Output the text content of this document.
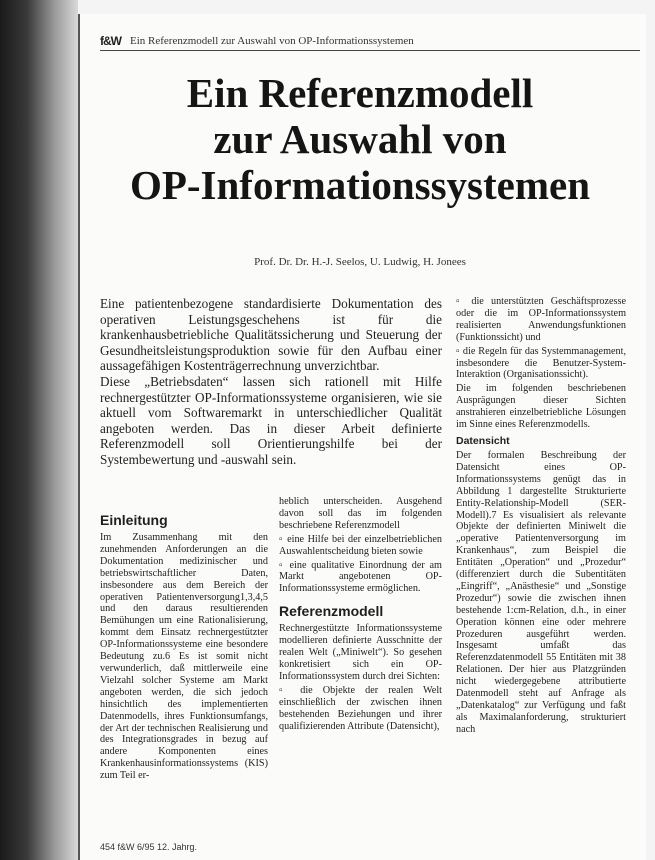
f&W Ein Referenzmodell zur Auswahl von OP-Informationssystemen
Ein Referenzmodell
zur Auswahl von
OP-Informationssystemen
Prof. Dr. Dr. H.-J. Seelos, U. Ludwig, H. Jonees

Eine patientenbezogene standardisierte Dokumentation des operativen Leistungsgeschehens ist für die krankenhausbetriebliche Qualitätssicherung und Steuerung der Gesundheitsleistungsproduktion sowie für den Aufbau einer aussagefähigen Kostenträgerrechnung unverzichtbar.

Diese „Betriebsdaten“ lassen sich rationell mit Hilfe rechnergestützter OP-Informationssysteme organisieren, wie sie aktuell vom Softwaremarkt in unterschiedlicher Qualität angeboten werden. Das in dieser Arbeit definierte Referenzmodell soll Orientierungshilfe bei der Systembewertung und -auswahl sein.

Einleitung

Im Zusammenhang mit den zunehmenden Anforderungen an die Dokumentation medizinischer und betriebswirtschaftlicher Daten, insbesondere aus dem Bereich der operativen Patientenversorgung1,3,4,5 und den daraus resultierenden Bemühungen um eine Rationalisierung, kommt dem Einsatz rechnergestützter OP-Informationssysteme eine besondere Bedeutung zu.6 Es ist somit nicht verwunderlich, daß mittlerweile eine Vielzahl solcher Systeme am Markt angeboten werden, die sich jedoch hinsichtlich des implementierten Datenmodells, ihres Funktionsumfangs, der Art der technischen Realisierung und des Integrationsgrades in bezug auf andere Komponenten eines Krankenhausinformationssystems (KIS) zum Teil er-

heblich unterscheiden. Ausgehend davon soll das im folgenden beschriebene Referenzmodell

▫ eine Hilfe bei der einzelbetrieblichen Auswahlentscheidung bieten sowie

▫ eine qualitative Einordnung der am Markt angebotenen OP-Informationssysteme ermöglichen.

Referenzmodell

Rechnergestützte Informationssysteme modellieren definierte Ausschnitte der realen Welt („Miniwelt“). So gesehen konkretisiert sich ein OP-Informationssystem durch drei Sichten:

▫ die Objekte der realen Welt einschließlich der zwischen ihnen bestehenden Beziehungen und ihrer qualifizierenden Attribute (Datensicht),

▫ die unterstützten Geschäftsprozesse oder die im OP-Informationssystem realisierten Anwendungsfunktionen (Funktionssicht) und

▫ die Regeln für das Systemmanagement, insbesondere die Benutzer-System-Interaktion (Organisationssicht).

Die im folgenden beschriebenen Ausprägungen dieser Sichten anstrahieren einzelbetriebliche Lösungen im Sinne eines Referenzmodells.

Datensicht

Der formalen Beschreibung der Datensicht eines OP-Informationssystems genügt das in Abbildung 1 dargestellte Strukturierte Entity-Relationship-Modell (SER-Modell).7 Es visualisiert als relevante Objekte der definierten Miniwelt die „operative Patientenversorgung im Krankenhaus“, zum Beispiel die Entitäten „Operation“ und „Prozedur“ (differenziert durch die Subentitäten „Eingriff“, „Anästhesie“ und „Sonstige Prozedur“) sowie die zwischen ihnen bestehende 1:cm-Relation, d.h., in einer Operation können eine oder mehrere Prozeduren ausgeführt werden. Insgesamt umfaßt das Referenzdatenmodell 55 Entitäten mit 38 Relationen. Der hier aus Platzgründen nicht wiedergegebene attributierte Datenmodell steht auf Anfrage als „Datenkatalog“ zur Verfügung und faßt als Maximalanforderung, strukturiert nach

454 f&W 6/95 12. Jahrg.
